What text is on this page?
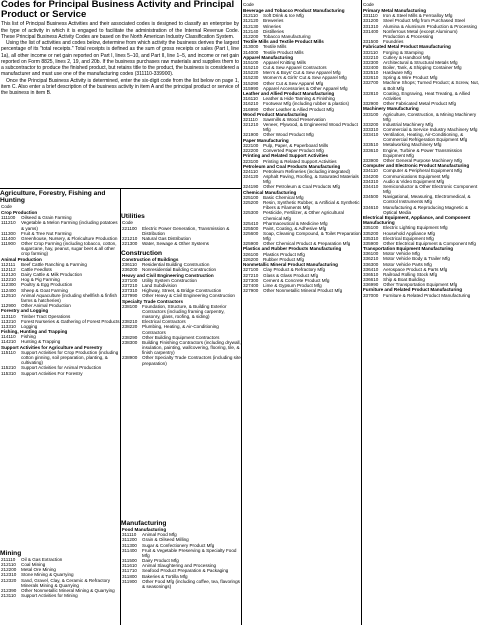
Codes for Principal Business Activity and Principal Product or Service
This list of Principal Business Activities and their associated codes is designed to classify an enterprise by the type of activity in which it is engaged to facilitate the administration of the Internal Revenue Code. These Principal Business Activity Codes are based on the North American Industry Classification System.

Using the list of activities and codes below, determine from which activity the business derives the largest percentage of its "total receipts." Total receipts is defined as the sum of gross receipts or sales (Part I, line 1a), all other income or net gain reported on Part I, lines 5–10, and Part II, line 1–5, and income or net gain reported on Form 8825, lines 2, 19, and 20b. If the business purchases raw materials and supplies them to a subcontractor to produce the finished product, but retains title to the product, the business is considered a manufacturer and must use one of the manufacturing codes (311110-339900).

Once the Principal Business Activity is determined, enter the six-digit code from the list below on page 1, item C. Also enter a brief description of the business activity in item A and the principal product or service of the business in item B.

Agriculture, Forestry, Fishing and Hunting
Code
Crop Production
111100	Oilseed & Grain Farming
111210	Vegetable & Melon Farming (including potatoes & yams)
111300	Fruit & Tree Nut Farming
111400	Greenhouse, Nursery, & Floriculture Production
111900	Other Crop Farming (including tobacco, cotton, sugarcane, hay, peanut, sugar beet & all other crop farming)
Animal Production
112111	Beef Cattle Ranching & Farming
112112	Cattle Feedlots
112120	Dairy Cattle & Milk Production
112210	Hog & Pig Farming
112300	Poultry & Egg Production
112400	Sheep & Goat Farming
112510	Animal Aquaculture (including shellfish & finfish farms & hatcheries)
112900	Other Animal Production
Forestry and Logging
113110	Timber Tract Operations
113210	Forest Nurseries & Gathering of Forest Products
113310	Logging
Fishing, Hunting and Trapping
114110	Fishing
114210	Hunting & Trapping
Support Activities for Agriculture and Forestry
115110	Support Activities for Crop Production (including cotton ginning, soil preparation, planting, & cultivating)
115210	Support Activities for Animal Production
115310	Support Activities For Forestry
Mining
211110	Oil & Gas Extraction
212110	Coal Mining
212200	Metal Ore Mining
212310	Stone Mining & Quarrying
212320	Sand, Gravel, Clay, & Ceramic & Refractory Minerals Mining & Quarrying
212390	Other Nonmetallic Mineral Mining & Quarrying
213110	Support Activities for Mining
Utilities
Code
221100	Electric Power Generation, Transmission & Distribution
221210	Natural Gas Distribution
221300	Water, Sewage & Other Systems
Construction
Construction of Buildings
236110	Residential Building Construction
236200	Nonresidential Building Construction
Heavy and Civil Engineering Construction
237100	Utility System Construction
237210	Land Subdivision
237310	Highway, Street, & Bridge Construction
237990	Other Heavy & Civil Engineering Construction
Specialty Trade Contractors
238100	Foundation, Structure, & Building Exterior Contractors (including framing carpentry, masonry, glass, roofing, & siding)
238210	Electrical Contractors
238220	Plumbing, Heating, & Air-Conditioning Contractors
238290	Other Building Equipment Contractors
238300	Building Finishing Contractors (including drywall, insulation, painting, wallcovering, flooring, tile, & finish carpentry)
238900	Other Specialty Trade Contractors (including site preparation)
Manufacturing
Food Manufacturing
311110	Animal Food Mfg
311200	Grain & Oilseed Milling
311300	Sugar & Confectionery Product Mfg
311400	Fruit & Vegetable Preserving & Specialty Food Mfg
311500	Dairy Product Mfg
311610	Animal Slaughtering and Processing
311710	Seafood Product Preparation & Packaging
311800	Bakeries & Tortilla Mfg
311900	Other Food Mfg (including coffee, tea, flavorings & seasonings)
Code
Beverage and Tobacco Product Manufacturing
312110	Soft Drink & Ice Mfg
312120	Breweries
312130	Wineries
312140	Distilleries
312200	Tobacco Manufacturing
Textile Mills and Textile Product Mills
313000	Textile Mills
314000	Textile Product Mills
Apparel Manufacturing
315100	Apparel Knitting Mills
315210	Cut & Sew Apparel Contractors
315220	Men's & Boys' Cut & Sew Apparel Mfg
315230	Women's & Girls' Cut & Sew Apparel Mfg
315290	Other Cut & Sew Apparel Mfg
315990	Apparel Accessories & Other Apparel Mfg
Leather and Allied Product Manufacturing
316110	Leather & Hide Tanning & Finishing
316210	Footwear Mfg (including rubber & plastics)
316990	Other Leather & Allied Product Mfg
Wood Product Manufacturing
321110	Sawmills & Wood Preservation
321210	Veneer, Plywood, & Engineered Wood Product Mfg
321900	Other Wood Product Mfg
Paper Manufacturing
322100	Pulp, Paper, & Paperboard Mills
322200	Converted Paper Product Mfg
Printing and Related Support Activities
323100	Printing & Related Support Activities
Petroleum and Coal Products Manufacturing
324110	Petroleum Refineries (including integrated)
324120	Asphalt Paving, Roofing, & Saturated Materials Mfg
324190	Other Petroleum & Coal Products Mfg
Chemical Manufacturing
325100	Basic Chemical Mfg
325200	Resin, Synthetic Rubber, & Artificial & Synthetic Fibers & Filaments Mfg
325300	Pesticide, Fertilizer, & Other Agricultural Chemical Mfg
325410	Pharmaceutical & Medicine Mfg
325500	Paint, Coating, & Adhesive Mfg
325600	Soap, Cleaning Compound, & Toilet Preparation Mfg
325900	Other Chemical Product & Preparation Mfg
Plastics and Rubber Products Manufacturing
326100	Plastics Product Mfg
326200	Rubber Product Mfg
Nonmetallic Mineral Product Manufacturing
327100	Clay Product & Refractory Mfg
327210	Glass & Glass Product Mfg
327300	Cement & Concrete Product Mfg
327400	Lime & Gypsum Product Mfg
327900	Other Nonmetallic Mineral Product Mfg
Code
Primary Metal Manufacturing
331110	Iron & Steel Mills & Ferroalloy Mfg
331200	Steel Product Mfg from Purchased Steel
331310	Alumina & Aluminum Production & Processing
331400	Nonferrous Metal (except Aluminum) Production & Processing
331500	Foundries
Fabricated Metal Product Manufacturing
332110	Forging & Stamping
332210	Cutlery & Handtool Mfg
332300	Architectural & Structural Metals Mfg
332400	Boiler, Tank, & Shipping Container Mfg
332510	Hardware Mfg
332610	Spring & Wire Product Mfg
332700	Machine Shops; Turned Product; & Screw, Nut, & Bolt Mfg
332810	Coating, Engraving, Heat Treating, & Allied Activities
332900	Other Fabricated Metal Product Mfg
Machinery Manufacturing
333100	Agriculture, Construction, & Mining Machinery Mfg
333200	Industrial Machinery Mfg
333310	Commercial & Service Industry Machinery Mfg
333410	Ventilation, Heating, Air-Conditioning, & Commercial Refrigeration Equipment Mfg
333510	Metalworking Machinery Mfg
333610	Engine, Turbine & Power Transmission Equipment Mfg
333900	Other General Purpose Machinery Mfg
Computer and Electronic Product Manufacturing
334110	Computer & Peripheral Equipment Mfg
334200	Communications Equipment Mfg
334310	Audio & Video Equipment Mfg
334410	Semiconductor & Other Electronic Component Mfg
334500	Navigational, Measuring, Electromedical, & Control Instruments Mfg
334610	Manufacturing & Reproducing Magnetic & Optical Media
Electrical Equipment, Appliance, and Component Manufacturing
335100	Electric Lighting Equipment Mfg
335200	Household Appliance Mfg
335310	Electrical Equipment Mfg
335900	Other Electrical Equipment & Component Mfg
Transportation Equipment Manufacturing
336100	Motor Vehicle Mfg
336210	Motor Vehicle Body & Trailer Mfg
336300	Motor Vehicle Parts Mfg
336410	Aerospace Product & Parts Mfg
336510	Railroad Rolling Stock Mfg
336610	Ship & Boat Building
336990	Other Transportation Equipment Mfg
Furniture and Related Product Manufacturing
337000	Furniture & Related Product Manufacturing
